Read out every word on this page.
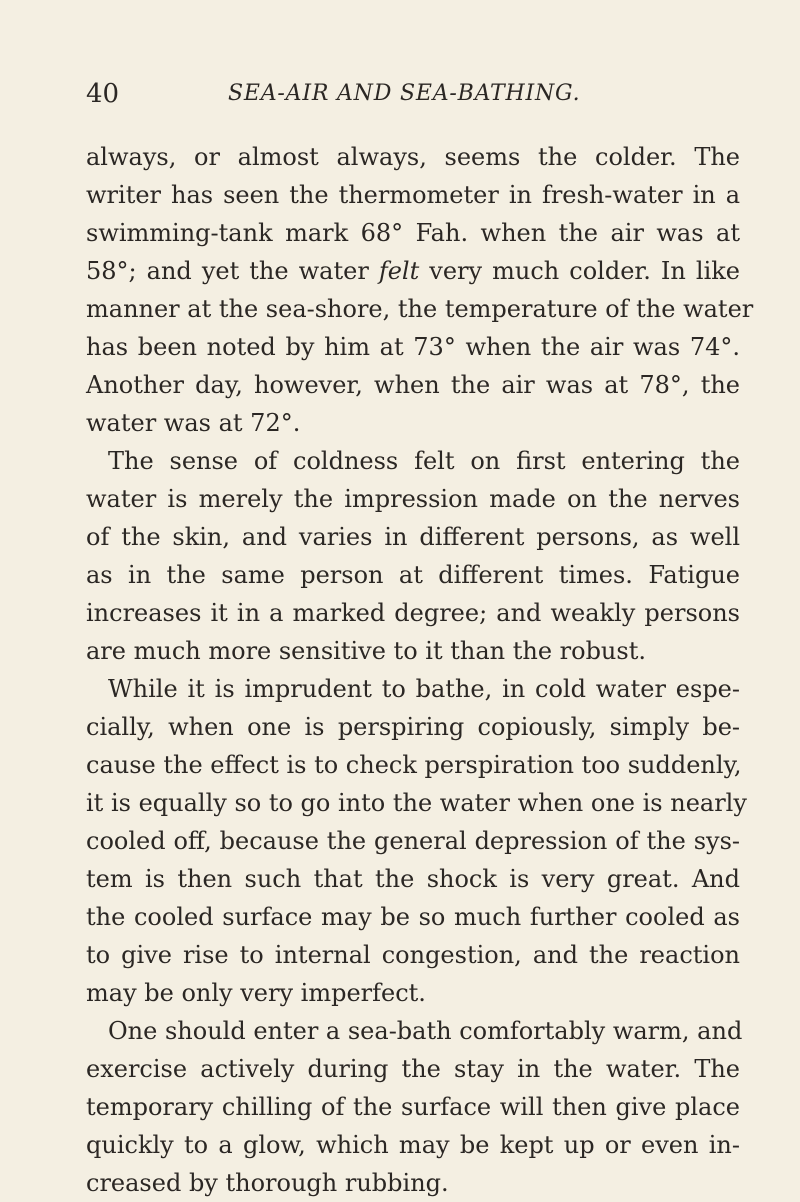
40	SEA-AIR AND SEA-BATHING.
always, or almost always, seems the colder. The
writer has seen the thermometer in fresh-water in a
swimming-tank mark 68° Fah. when the air was at
58°; and yet the water felt very much colder. In like
manner at the sea-shore, the temperature of the water
has been noted by him at 73° when the air was 74°.
Another day, however, when the air was at 78°, the
water was at 72°.
The sense of coldness felt on first entering the
water is merely the impression made on the nerves
of the skin, and varies in different persons, as well
as in the same person at different times. Fatigue
increases it in a marked degree; and weakly persons
are much more sensitive to it than the robust.
While it is imprudent to bathe, in cold water espe-
cially, when one is perspiring copiously, simply be-
cause the effect is to check perspiration too suddenly,
it is equally so to go into the water when one is nearly
cooled off, because the general depression of the sys-
tem is then such that the shock is very great. And
the cooled surface may be so much further cooled as
to give rise to internal congestion, and the reaction
may be only very imperfect.
One should enter a sea-bath comfortably warm, and
exercise actively during the stay in the water. The
temporary chilling of the surface will then give place
quickly to a glow, which may be kept up or even in-
creased by thorough rubbing.
